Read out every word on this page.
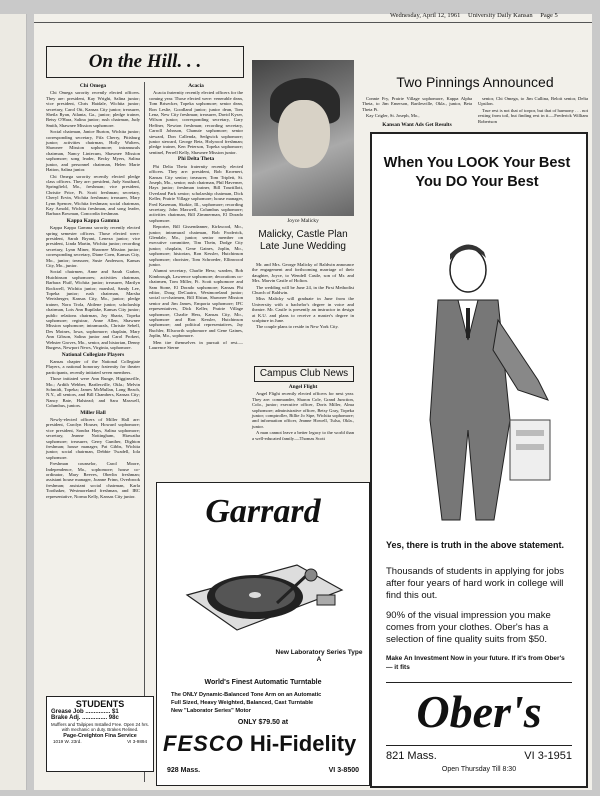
Wednesday, April 12, 1961 University Daily Kansan Page 5
On the Hill. . .
Chi Omega

Chi Omega sorority recently elected officers. They are: president, Kay Wright, Salina junior; vice president, Chris Haidale, Wichita junior; secretary, Carol Ott, Kansas City junior; treasurer, Sheila Ryan, Atlanta, Ga., junior; pledge trainer, Betsy O'Hara, Salina junior; rush chairman, Judy Smith, Shawnee Mission sophomore.

Social chairman, Janice Burton, Wichita junior; corresponding secretary, Fifa Cherry, Pittsburg junior; activities chairman, Holly Walters, Shawnee Mission sophomore; intramurals chairman, Nancy Lintecum, Shawnee Mission sophomore; song leader, Becky Myers, Salina junior, and personnel chairman, Helen Marie Hatton, Salina junior.

Chi Omega sorority recently elected pledge class officers. They are: president, Judy Southard, Springfield, Mo., freshman; vice president, Christie Price, Ft. Scott freshman; secretary, Cheryl Ervin, Wichita freshman; treasurer, Mary Lynn Spencer, Wichita freshman; social chairman, Kay Arnold, Wichita freshman, and song leader, Barbara Bowman, Concordia freshman.

Kappa Kappa Gamma

Kappa Kappa Gamma sorority recently elected spring semester officers. Those elected were: president, Sarah Bryant, Lenexa junior; vice president, Linda Martin, Wichita junior; recording secretary, Lynn Miner, Shawnee Mission junior; corresponding secretary, Diane Coen, Kansas City, Mo., junior; treasurer, Susie Anderson, Kansas City, Mo., junior.

Social chairmen, Anne and Sarah Graber, Hutchinson sophomores; activities chairman, Barbara Fluff, Wichita junior; treasurer, Marilyn Rockwell, Wichita junior; marshal, Sandy Lee, Topeka junior; rush chairman, Marsha Wertsberger, Kansas City, Mo., junior; pledge trainer, Nora Trola, Abilene junior; scholarship chairman, Lois Ann Ruptlake, Kansas City junior; public relations chairman, Joy Shartz, Topeka sophomore; registrar, Anne Allen, Shawnee Mission sophomore; intramurals, Christie Sebell, Des Moines, Iowa, sophomore; chaplain, Mary Ann Gibson, Salina junior and Carol Prokert, Webster Groves, Mo., senior, and historian, Denny Burgess, Newport News, Virginia, sophomore.

National Collegiate Players

Kansas chapter of the National Collegiate Players, a national honorary fraternity for theater participants, recently initiated seven members.

Those initiated were Ann Runge, Higginsville, Mo.; Ardith Webber, Bartlesville, Okla.; Melvin Schmidt, Topeka; James McMullan, Long Beach, N.Y., all seniors, and Bill Chambers, Kansas City; Nancy Bate, Halstead; and Sara Maxwell, Columbus, juniors.

Miller Hall

Newly-elected officers of Miller Hall are: president, Carolyn Houser, Howard sophomore; vice president, Sondra Hays, Salina sophomore; secretary, Jeanne Nottingham, Hiawatha sophomore; treasurer, Gerry Gunther, Dighton freshman; house manager, Pat Gibbs, Wichita junior; social chairman, Debbie Twadell, Iola sophomore.

Freshman counselor, Carol Moore, Independence, Mo., sophomore; house co-ordinator, Mary Reeves, Oberlin freshman; assistant house manager, Joanne Frinn, Overbrook freshman; assistant social chairman, Karla Toothaker, Westmoreland freshman, and IRC representative, Norma Kelly, Kansas City junior.

Acacia

Acacia fraternity recently elected officers for the coming year. Those elected were: venerable dean, Tom Brisecker, Topeka sophomore; senior dean, Ron Leslie, Goodland junior; junior dean, Tom Lenz, New City freshman; treasurer, David Kyser, Wilson junior; corresponding secretary, Gary Heffner, Newton freshman; recording secretary, Carroll Johnson, Chanute sophomore; senior steward, Don Callenda, Sedgwick sophomore; junior steward, George Betz, Holyrood freshman; pledge trainer, Ken Peterson, Topeka sophomore; sentinel, Ferrell Kelly, Shawnee Mission junior.

Phi Delta Theta

Phi Delta Theta fraternity recently elected officers. They are: president, Bob Kroenert, Kansas City senior; treasurer, Tom Triplett, St. Joseph, Mo., senior; rush chairman, Phil Haverner, Hays junior; freshman trainer, Bill Tourtillott, Overland Park senior; scholarship chairman, Dick Keller, Prairie Village sophomore; house manager, Fred Kaseman, Skokie, Ill., sophomore; recording secretary, John Maxwell, Columbus sophomore; activities chairman, Bill Zimmerman, El Dorado sophomore.

Reporter, Bill Gissendanner, Kirkwood, Mo., junior; intramural chairman, Bob Froderick, Glendale, Mo., junior; senior member on executive committee, Tim Thein, Dodge City junior; chaplain, Gene Gaines, Joplin, Mo., sophomore; historian, Ron Kessler, Hutchinson sophomore; chorister, Tom Schroeder, Ellinwood junior.

Alumni secretary, Charlie Hess; warden, Bob Kimbrough, Lawrence sophomore; decorations co-chairmen, Tom Miller, Ft. Scott sophomore and Sam Stone, El Dorado sophomore; Kansas Phi editor, Doug DeCuairo, Westmoreland junior; social co-chairmen, Bill Elstun, Shawnee Mission senior and Jim James, Emporia sophomore; IFC representatives, Dick Keller, Prairie Village sophomore, Charlie Hess, Kansas City, Mo., sophomore and Ron Kessler, Hutchinson sophomore; and political representatives, Jay Buchler, Ellsworth sophomore and Gene Gaines, Joplin, Mo., sophomore.

Men tire themselves in pursuit of rest.—Laurence Sterne

STUDENTS
Grease Job ............... $1
Brake Adj. ............... 98c
Mufflers and Tailpipes Installed Free. Open 24 hrs. with mechanic on duty. Brakes Relined.
Page-Creighton Fina Service
1019 W. 23rd.	VI 3-9894
Joyce Malicky
Malicky, Castle Plan Late June Wedding

Mr. and Mrs. George Malicky of Baldwin announce the engagement and forthcoming marriage of their daughter, Joyce, to Wendell Castle, son of Mr. and Mrs. Marvin Castle of Holton.

The wedding will be June 24, in the First Methodist Church of Baldwin.

Miss Malicky will graduate in June from the University with a bachelor's degree in voice and theatre. Mr. Castle is presently an instructor in design at K.U. and plans to receive a master's degree in sculpture in June.

The couple plans to reside in New York City.

Campus Club News
Angel Flight

Angel Flight recently elected officers for next year. They are: commander, Sharon Cole, Grand Junction, Colo., junior; executive officer, Doris Miller, Alma sophomore; administrative officer, Betsy Gray, Topeka junior; comptroller, Billie Jo Sipe, Wichita sophomore; and information officer, Jeanne Howell, Tulsa, Okla., junior.

A man cannot leave a better legacy to the world than a well-educated family.—Thomas Scott

Two Pinnings Announced

Connie Fry, Prairie Village sophomore, Kappa Alpha Theta, to Jim Emerson, Bartlesville, Okla., junior, Beta Theta Pi.

Kay Crigler, St. Joseph, Mo.,

senior, Chi Omega, to Jim Cullina, Beloit senior, Delta Upsilon.

True rest is not that of torpor, but that of harmony . . . not resting from toil, but finding rest in it.—Frederick William Robertson

Kansan Want Ads Get Results
When You LOOK Your Best
You DO Your Best
Yes, there is truth in the above statement.
Thousands of students in applying for jobs after four years of hard work in college will find this out.
90% of the visual impression you make comes from your clothes. Ober's has a selection of fine quality suits from $50.
Make An Investment Now in your future. If it's from Ober's — it fits
Ober's
821 Mass.	VI 3-1951
Open Thursday Till 8:30
Garrard
New Laboratory Series Type A
World's Finest Automatic Turntable
The ONLY Dynamic-Balanced Tone Arm on an Automatic
Full Sized, Heavy Weighted, Balanced, Cast Turntable
New "Laborator Series" Motor
ONLY $79.50 at
FESCO Hi-Fidelity
928 Mass.	VI 3-8500
